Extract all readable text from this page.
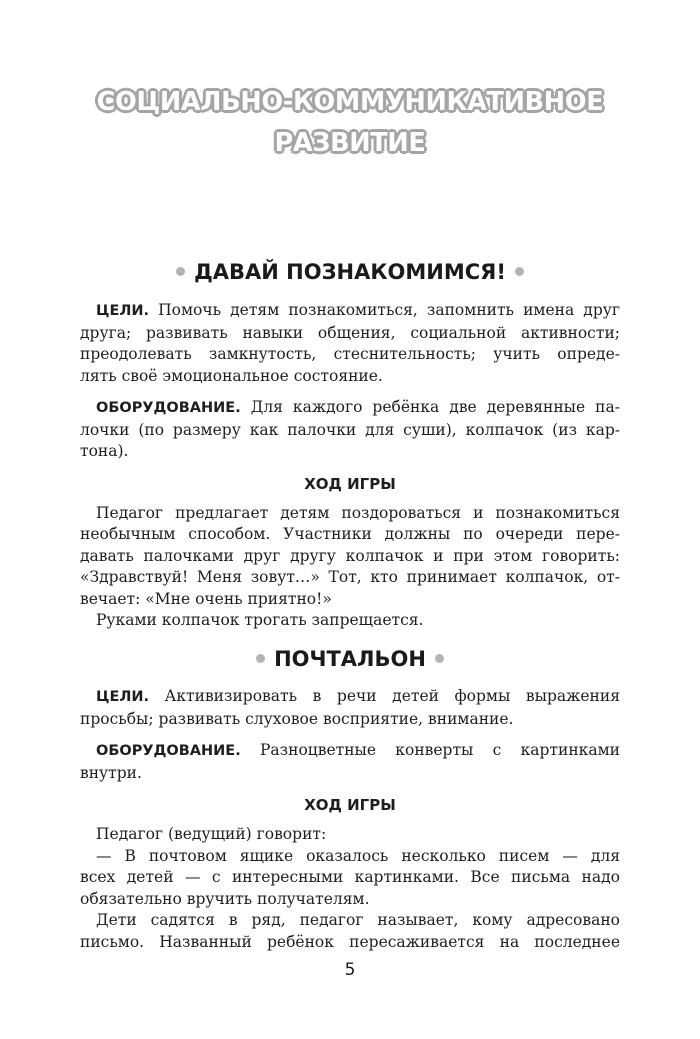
СОЦИАЛЬНО-КОММУНИКАТИВНОЕ
РАЗВИТИЕ
ДАВАЙ ПОЗНАКОМИМСЯ!

ЦЕЛИ. Помочь детям познакомиться, запомнить имена друг
друга; развивать навыки общения, социальной активности;
преодолевать замкнутость, стеснительность; учить опреде-
лять своё эмоциональное состояние.

ОБОРУДОВАНИЕ. Для каждого ребёнка две деревянные па-
лочки (по размеру как палочки для суши), колпачок (из кар-
тона).

ХОД ИГРЫ

Педагог предлагает детям поздороваться и познакомиться
необычным способом. Участники должны по очереди пере-
давать палочками друг другу колпачок и при этом говорить:
«Здравствуй! Меня зовут…» Тот, кто принимает колпачок, от-
вечает: «Мне очень приятно!»

Руками колпачок трогать запрещается.

ПОЧТАЛЬОН

ЦЕЛИ. Активизировать в речи детей формы выражения
просьбы; развивать слуховое восприятие, внимание.

ОБОРУДОВАНИЕ. Разноцветные конверты с картинками
внутри.

ХОД ИГРЫ

Педагог (ведущий) говорит:

— В почтовом ящике оказалось несколько писем — для
всех детей — с интересными картинками. Все письма надо
обязательно вручить получателям.

Дети садятся в ряд, педагог называет, кому адресовано
письмо. Названный ребёнок пересаживается на последнее

5
